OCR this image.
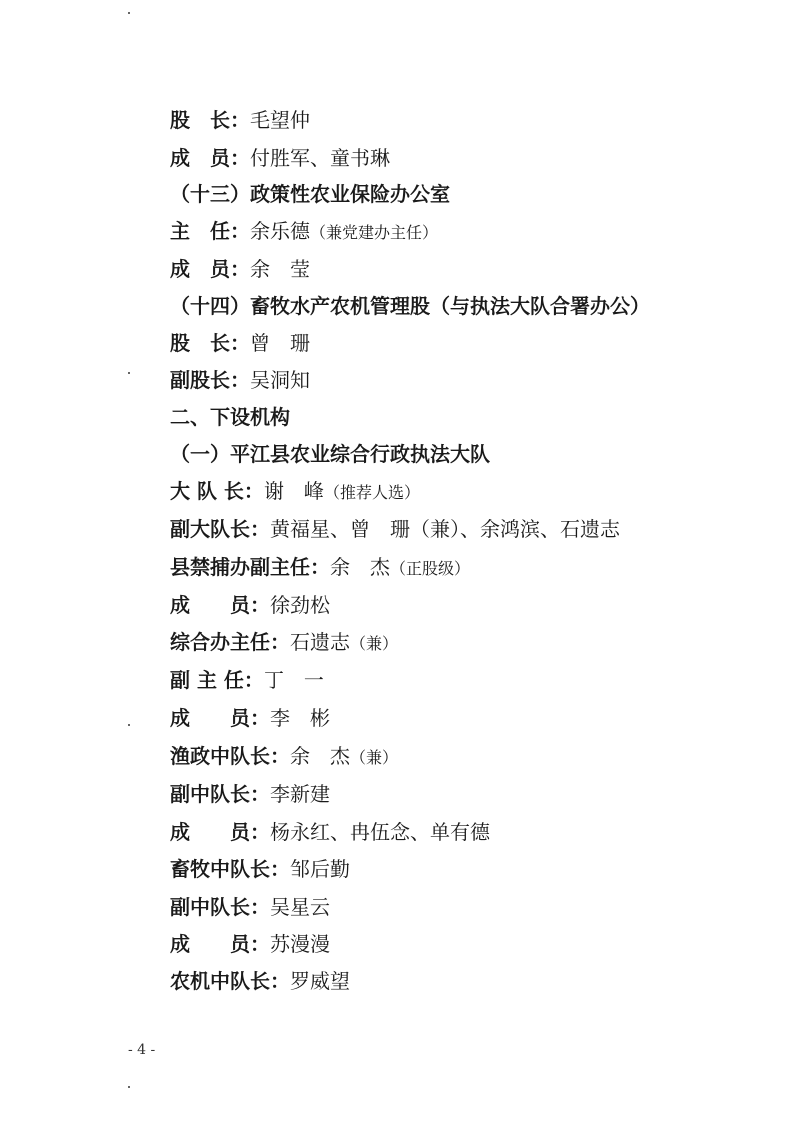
股　长：毛望仲
成　员：付胜军、童书琳
（十三）政策性农业保险办公室
主　任：余乐德（兼党建办主任）
成　员：余　莹
（十四）畜牧水产农机管理股（与执法大队合署办公）
股　长：曾　珊
副股长：吴洞知
二、下设机构
（一）平江县农业综合行政执法大队
大 队 长：谢　峰（推荐人选）
副大队长：黄福星、曾　珊（兼）、余鸿滨、石遗志
县禁捕办副主任：余　杰（正股级）
成　　员：徐劲松
综合办主任：石遗志（兼）
副 主 任：丁　一
成　　员：李　彬
渔政中队长：余　杰（兼）
副中队长：李新建
成　　员：杨永红、冉伍念、单有德
畜牧中队长：邹后勤
副中队长：吴星云
成　　员：苏漫漫
农机中队长：罗威望
- 4 -
